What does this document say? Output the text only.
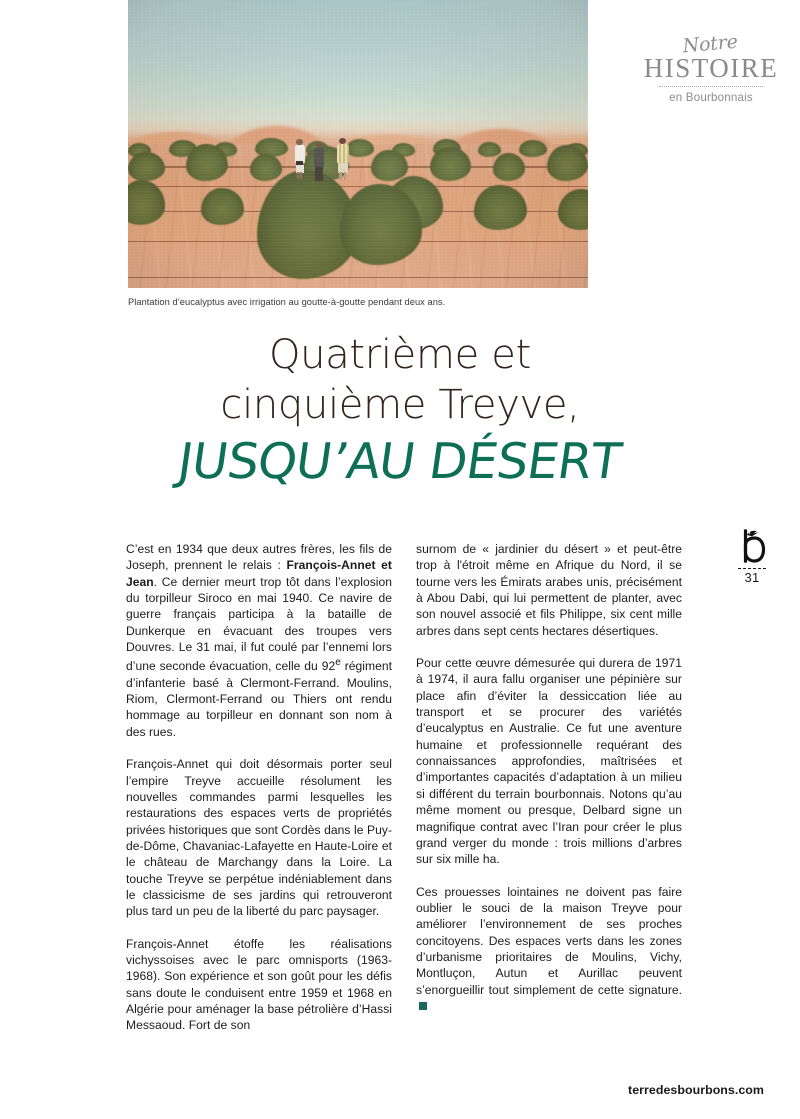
Plantation d’eucalyptus avec irrigation au goutte-à-goutte pendant deux ans.
Notre
HISTOIRE
en Bourbonnais
Quatrième et
cinquième Treyve,
JUSQU’AU DÉSERT
31

C’est en 1934 que deux autres frères, les fils de Joseph, prennent le relais : François-Annet et Jean. Ce dernier meurt trop tôt dans l’explosion du torpilleur Siroco en mai 1940. Ce navire de guerre français participa à la bataille de Dunkerque en évacuant des troupes vers Douvres. Le 31 mai, il fut coulé par l’ennemi lors d’une seconde évacuation, celle du 92e régiment d’infanterie basé à Clermont-Ferrand. Moulins, Riom, Clermont-Ferrand ou Thiers ont rendu hommage au torpilleur en donnant son nom à des rues.

François-Annet qui doit désormais porter seul l’empire Treyve accueille résolument les nouvelles commandes parmi lesquelles les restaurations des espaces verts de propriétés privées historiques que sont Cordès dans le Puy-de-Dôme, Chavaniac-Lafayette en Haute-Loire et le château de Marchangy dans la Loire. La touche Treyve se perpétue indéniablement dans le classicisme de ses jardins qui retrouveront plus tard un peu de la liberté du parc paysager.

François-Annet étoffe les réalisations vichyssoises avec le parc omnisports (1963-1968). Son expérience et son goût pour les défis sans doute le conduisent entre 1959 et 1968 en Algérie pour aménager la base pétrolière d’Hassi Messaoud. Fort de son

surnom de « jardinier du désert » et peut-être trop à l'étroit même en Afrique du Nord, il se tourne vers les Émirats arabes unis, précisément à Abou Dabi, qui lui permettent de planter, avec son nouvel associé et fils Philippe, six cent mille arbres dans sept cents hectares désertiques.

Pour cette œuvre démesurée qui durera de 1971 à 1974, il aura fallu organiser une pépinière sur place afin d’éviter la dessiccation liée au transport et se procurer des variétés d’eucalyptus en Australie. Ce fut une aventure humaine et professionnelle requérant des connaissances approfondies, maîtrisées et d’importantes capacités d’adaptation à un milieu si différent du terrain bourbonnais. Notons qu’au même moment ou presque, Delbard signe un magnifique contrat avec l’Iran pour créer le plus grand verger du monde : trois millions d’arbres sur six mille ha.

Ces prouesses lointaines ne doivent pas faire oublier le souci de la maison Treyve pour améliorer l’environnement de ses proches concitoyens. Des espaces verts dans les zones d’urbanisme prioritaires de Moulins, Vichy, Montluçon, Autun et Aurillac peuvent s’enorgueillir tout simplement de cette signature.

terredesbourbons.com
